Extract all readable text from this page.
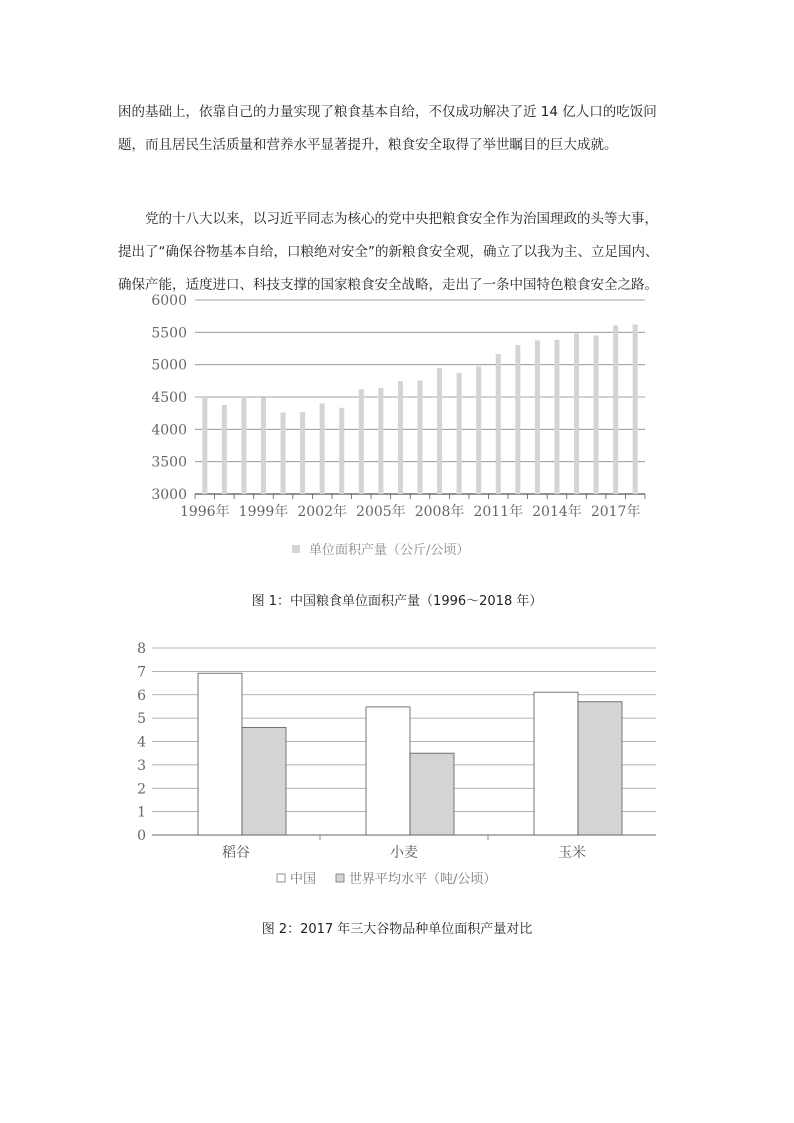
困的基础上，依靠自己的力量实现了粮食基本自给，不仅成功解决了近 14 亿人口的吃饭问
题，而且居民生活质量和营养水平显著提升，粮食安全取得了举世瞩目的巨大成就。
党的十八大以来，以习近平同志为核心的党中央把粮食安全作为治国理政的头等大事，
提出了“确保谷物基本自给，口粮绝对安全”的新粮食安全观，确立了以我为主、立足国内、
确保产能，适度进口、科技支撑的国家粮食安全战略，走出了一条中国特色粮食安全之路。
3000
3500
4000
4500
5000
5500
6000
1996年 1999年 2002年 2005年 2008年 2011年 2014年 2017年
单位面积产量（公斤/公顷）

图 1：中国粮食单位面积产量（1996～2018 年）

0
1
2
3
4
5
6
7
8
稻谷	小麦	玉米
中国	世界平均水平（吨/公顷）

图 2：2017 年三大谷物品种单位面积产量对比
